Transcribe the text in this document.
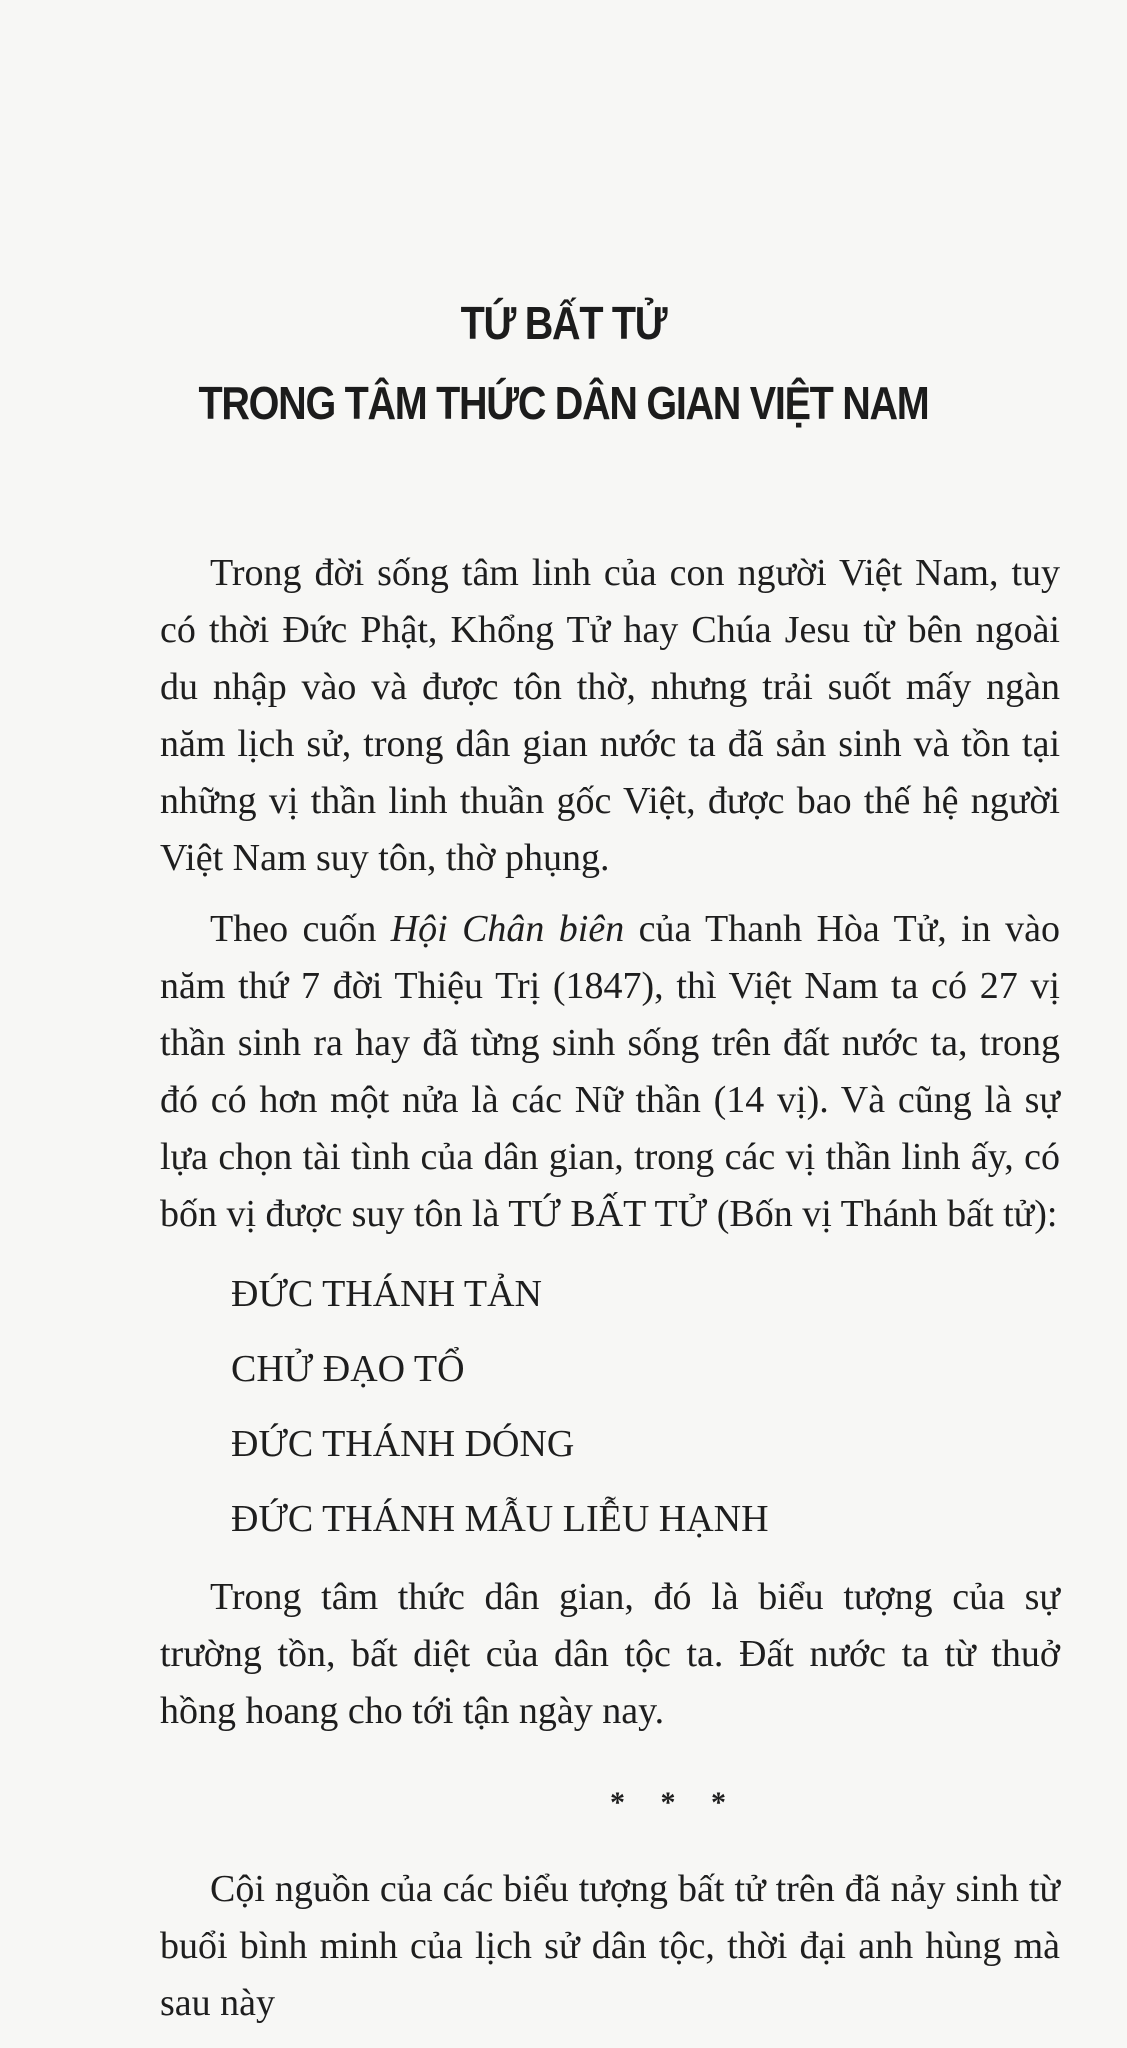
TỨ BẤT TỬ
TRONG TÂM THỨC DÂN GIAN VIỆT NAM

Trong đời sống tâm linh của con người Việt Nam, tuy có thời Đức Phật, Khổng Tử hay Chúa Jesu từ bên ngoài du nhập vào và được tôn thờ, nhưng trải suốt mấy ngàn năm lịch sử, trong dân gian nước ta đã sản sinh và tồn tại những vị thần linh thuần gốc Việt, được bao thế hệ người Việt Nam suy tôn, thờ phụng.

Theo cuốn Hội Chân biên của Thanh Hòa Tử, in vào năm thứ 7 đời Thiệu Trị (1847), thì Việt Nam ta có 27 vị thần sinh ra hay đã từng sinh sống trên đất nước ta, trong đó có hơn một nửa là các Nữ thần (14 vị). Và cũng là sự lựa chọn tài tình của dân gian, trong các vị thần linh ấy, có bốn vị được suy tôn là TỨ BẤT TỬ (Bốn vị Thánh bất tử):

ĐỨC THÁNH TẢN
CHỬ ĐẠO TỔ
ĐỨC THÁNH DÓNG
ĐỨC THÁNH MẪU LIỄU HẠNH

Trong tâm thức dân gian, đó là biểu tượng của sự trường tồn, bất diệt của dân tộc ta. Đất nước ta từ thuở hồng hoang cho tới tận ngày nay.

* * *

Cội nguồn của các biểu tượng bất tử trên đã nảy sinh từ buổi bình minh của lịch sử dân tộc, thời đại anh hùng mà sau này
